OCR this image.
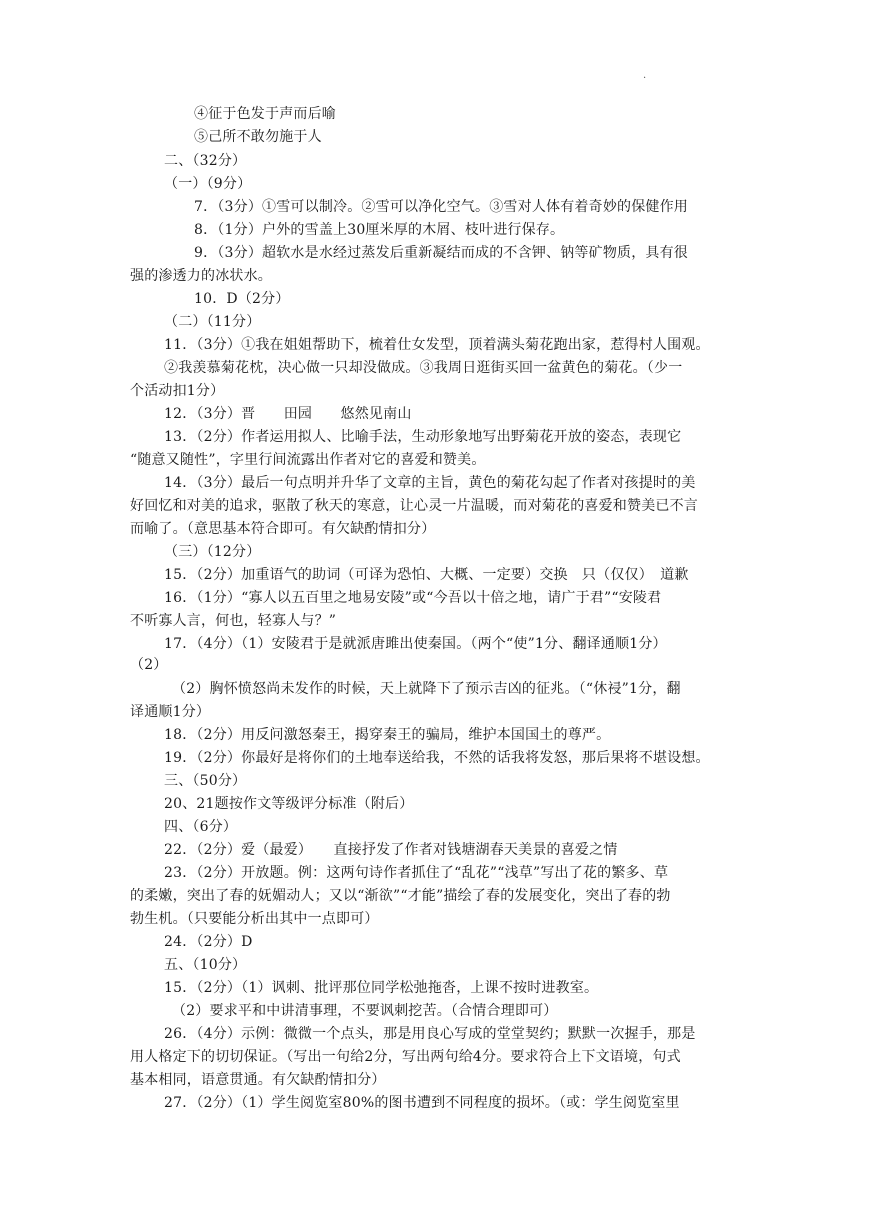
.
④征于色发于声而后喻
⑤己所不敢勿施于人
二、（32分）
（一）（9分）
7．（3分）①雪可以制冷。②雪可以净化空气。③雪对人体有着奇妙的保健作用
8．（1分）户外的雪盖上30厘米厚的木屑、枝叶进行保存。
9．（3分）超软水是水经过蒸发后重新凝结而成的不含钾、钠等矿物质，具有很
强的渗透力的冰状水。
10．D（2分）
（二）（11分）
11．（3分）①我在姐姐帮助下，梳着仕女发型，顶着满头菊花跑出家，惹得村人围观。
②我羡慕菊花枕，决心做一只却没做成。③我周日逛街买回一盆黄色的菊花。（少一
个活动扣1分）
12．（3分）晋　　田园　　悠然见南山
13．（2分）作者运用拟人、比喻手法，生动形象地写出野菊花开放的姿态，表现它
“随意又随性”，字里行间流露出作者对它的喜爱和赞美。
14．（3分）最后一句点明并升华了文章的主旨，黄色的菊花勾起了作者对孩提时的美
好回忆和对美的追求，驱散了秋天的寒意，让心灵一片温暖，而对菊花的喜爱和赞美已不言
而喻了。（意思基本符合即可。有欠缺酌情扣分）
（三）（12分）
15．（2分）加重语气的助词（可译为恐怕、大概、一定要）交换　只（仅仅）　道歉
16．（1分）“寡人以五百里之地易安陵”或“今吾以十倍之地，请广于君”“安陵君
不听寡人言，何也，轻寡人与？”
17．（4分）（1）安陵君于是就派唐雎出使秦国。（两个“使”1分、翻译通顺1分）
（2）
（2）胸怀愤怒尚未发作的时候，天上就降下了预示吉凶的征兆。（“休祲”1分，翻
译通顺1分）
18．（2分）用反问激怒秦王，揭穿秦王的骗局，维护本国国土的尊严。
19．（2分）你最好是将你们的土地奉送给我，不然的话我将发怒，那后果将不堪设想。
三、（50分）
20、21题按作文等级评分标准（附后）
四、（6分）
22．（2分）爱（最爱）　　直接抒发了作者对钱塘湖春天美景的喜爱之情
23．（2分）开放题。例：这两句诗作者抓住了“乱花”“浅草”写出了花的繁多、草
的柔嫩，突出了春的妩媚动人；又以“渐欲”“才能”描绘了春的发展变化，突出了春的勃
勃生机。（只要能分析出其中一点即可）
24．（2分）D
五、（10分）
15．（2分）（1）讽刺、批评那位同学松弛拖沓，上课不按时进教室。
（2）要求平和中讲清事理，不要讽刺挖苦。（合情合理即可）
26．（4分）示例：微微一个点头，那是用良心写成的堂堂契约；默默一次握手，那是
用人格定下的切切保证。（写出一句给2分，写出两句给4分。要求符合上下文语境，句式
基本相同，语意贯通。有欠缺酌情扣分）
27．（2分）（1）学生阅览室80%的图书遭到不同程度的损坏。（或：学生阅览室里
